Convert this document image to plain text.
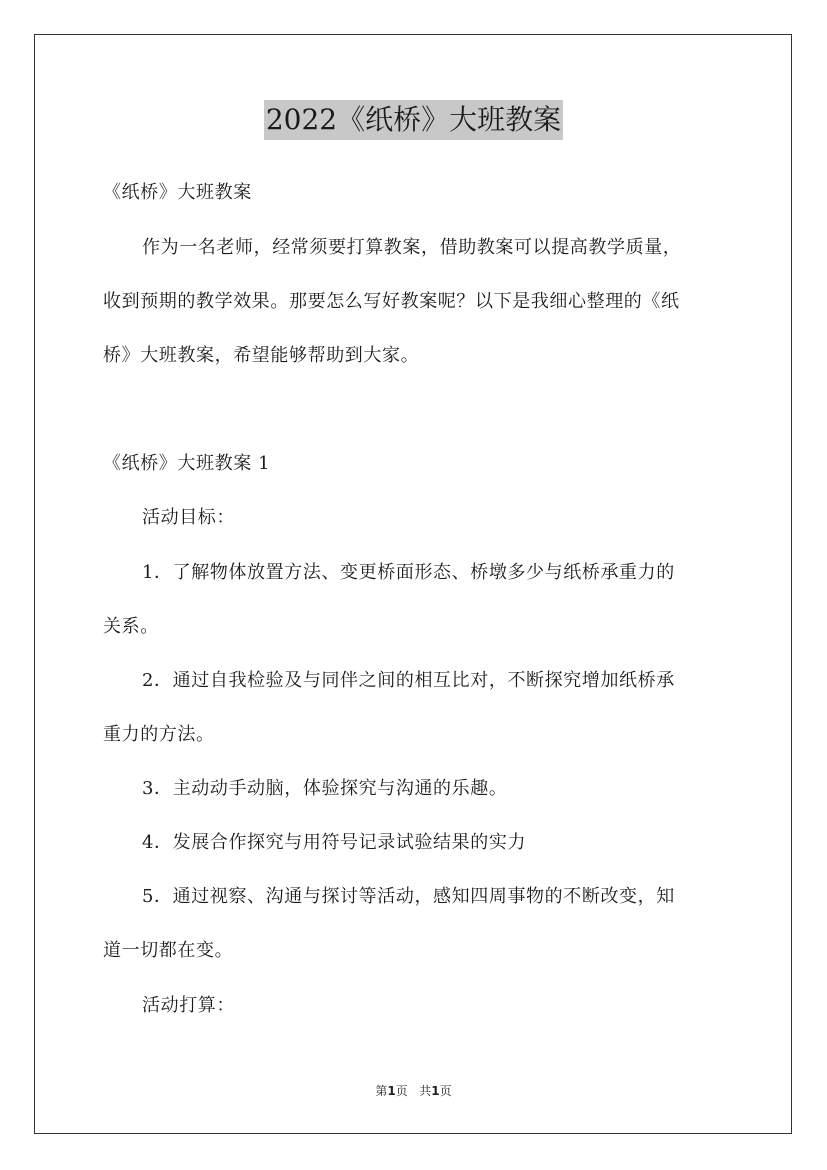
2022《纸桥》大班教案
《纸桥》大班教案
作为一名老师，经常须要打算教案，借助教案可以提高教学质量，
收到预期的教学效果。那要怎么写好教案呢？以下是我细心整理的《纸
桥》大班教案，希望能够帮助到大家。
《纸桥》大班教案 1
活动目标：
1．了解物体放置方法、变更桥面形态、桥墩多少与纸桥承重力的
关系。
2．通过自我检验及与同伴之间的相互比对，不断探究增加纸桥承
重力的方法。
3．主动动手动脑，体验探究与沟通的乐趣。
4．发展合作探究与用符号记录试验结果的实力
5．通过视察、沟通与探讨等活动，感知四周事物的不断改变，知
道一切都在变。
活动打算：
第1页 共1页
